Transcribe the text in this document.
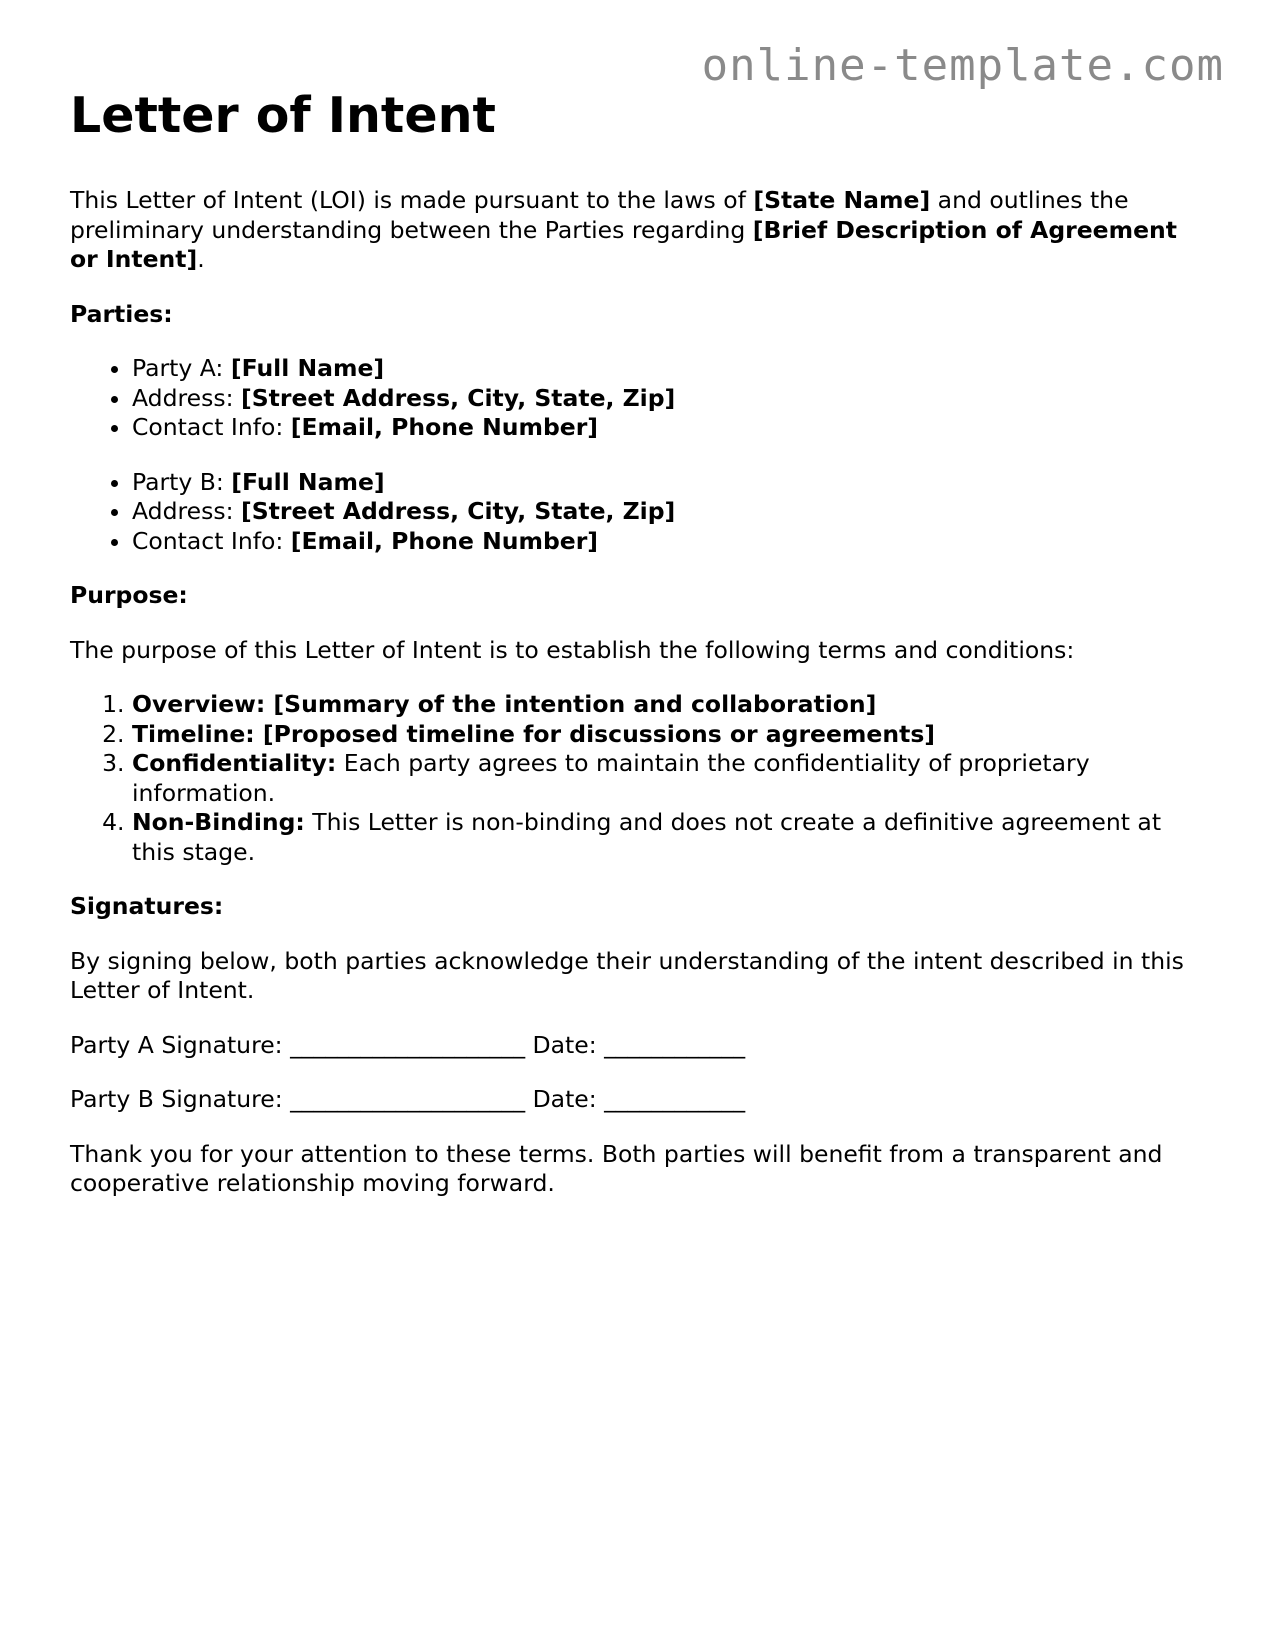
online-template.com
Letter of Intent

This Letter of Intent (LOI) is made pursuant to the laws of [State Name] and outlines the preliminary understanding between the Parties regarding [Brief Description of Agreement or Intent].

Parties:

• Party A: [Full Name]
• Address: [Street Address, City, State, Zip]
• Contact Info: [Email, Phone Number]
• Party B: [Full Name]
• Address: [Street Address, City, State, Zip]
• Contact Info: [Email, Phone Number]

Purpose:

The purpose of this Letter of Intent is to establish the following terms and conditions:

1. Overview: [Summary of the intention and collaboration]
2. Timeline: [Proposed timeline for discussions or agreements]
3. Confidentiality: Each party agrees to maintain the confidentiality of proprietary information.
4. Non-Binding: This Letter is non-binding and does not create a definitive agreement at this stage.

Signatures:

By signing below, both parties acknowledge their understanding of the intent described in this Letter of Intent.

Party A Signature: ____________________ Date: ____________

Party B Signature: ____________________ Date: ____________

Thank you for your attention to these terms. Both parties will benefit from a transparent and cooperative relationship moving forward.
